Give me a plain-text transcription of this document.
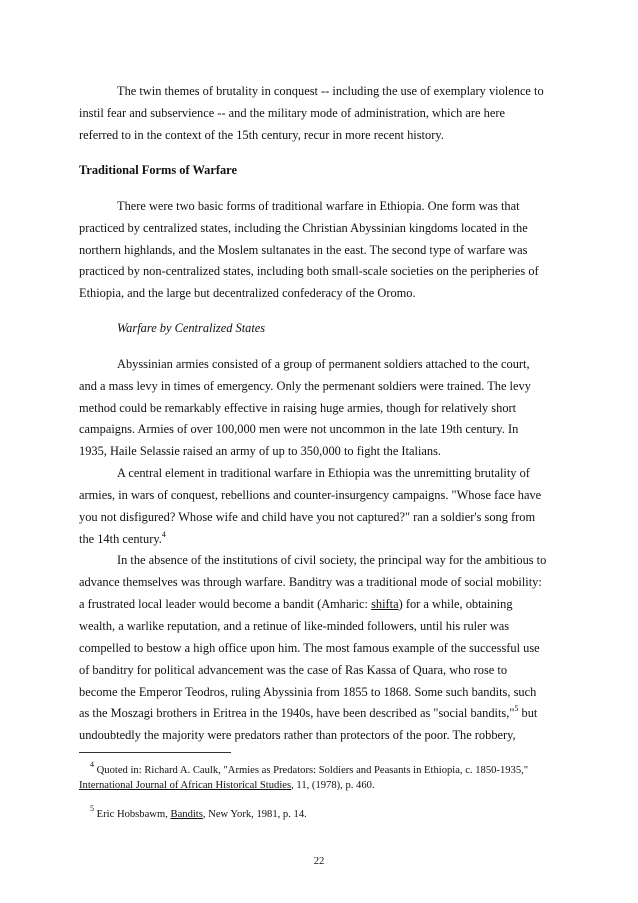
The twin themes of brutality in conquest -- including the use of exemplary violence to
instil fear and subservience -- and the military mode of administration, which are here
referred to in the context of the 15th century, recur in more recent history.
Traditional Forms of Warfare
There were two basic forms of traditional warfare in Ethiopia. One form was that
practiced by centralized states, including the Christian Abyssinian kingdoms located in the
northern highlands, and the Moslem sultanates in the east. The second type of warfare was
practiced by non-centralized states, including both small-scale societies on the peripheries of
Ethiopia, and the large but decentralized confederacy of the Oromo.
Warfare by Centralized States
Abyssinian armies consisted of a group of permanent soldiers attached to the court,
and a mass levy in times of emergency. Only the permenant soldiers were trained. The levy
method could be remarkably effective in raising huge armies, though for relatively short
campaigns. Armies of over 100,000 men were not uncommon in the late 19th century. In
1935, Haile Selassie raised an army of up to 350,000 to fight the Italians.
A central element in traditional warfare in Ethiopia was the unremitting brutality of
armies, in wars of conquest, rebellions and counter-insurgency campaigns. "Whose face have
you not disfigured? Whose wife and child have you not captured?" ran a soldier's song from
the 14th century.$^4$
In the absence of the institutions of civil society, the principal way for the ambitious to
advance themselves was through warfare. Banditry was a traditional mode of social mobility:
a frustrated local leader would become a bandit (Amharic: shifta) for a while, obtaining
wealth, a warlike reputation, and a retinue of like-minded followers, until his ruler was
compelled to bestow a high office upon him. The most famous example of the successful use
of banditry for political advancement was the case of Ras Kassa of Quara, who rose to
become the Emperor Teodros, ruling Abyssinia from 1855 to 1868. Some such bandits, such
as the Moszagi brothers in Eritrea in the 1940s, have been described as "social bandits,"$^5$ but
undoubtedly the majority were predators rather than protectors of the poor. The robbery,
$^4$ Quoted in: Richard A. Caulk, "Armies as Predators: Soldiers and Peasants in Ethiopia, c. 1850-1935,"
International Journal of African Historical Studies, 11, (1978), p. 460.
$^5$ Eric Hobsbawm, Bandits, New York, 1981, p. 14.
22
